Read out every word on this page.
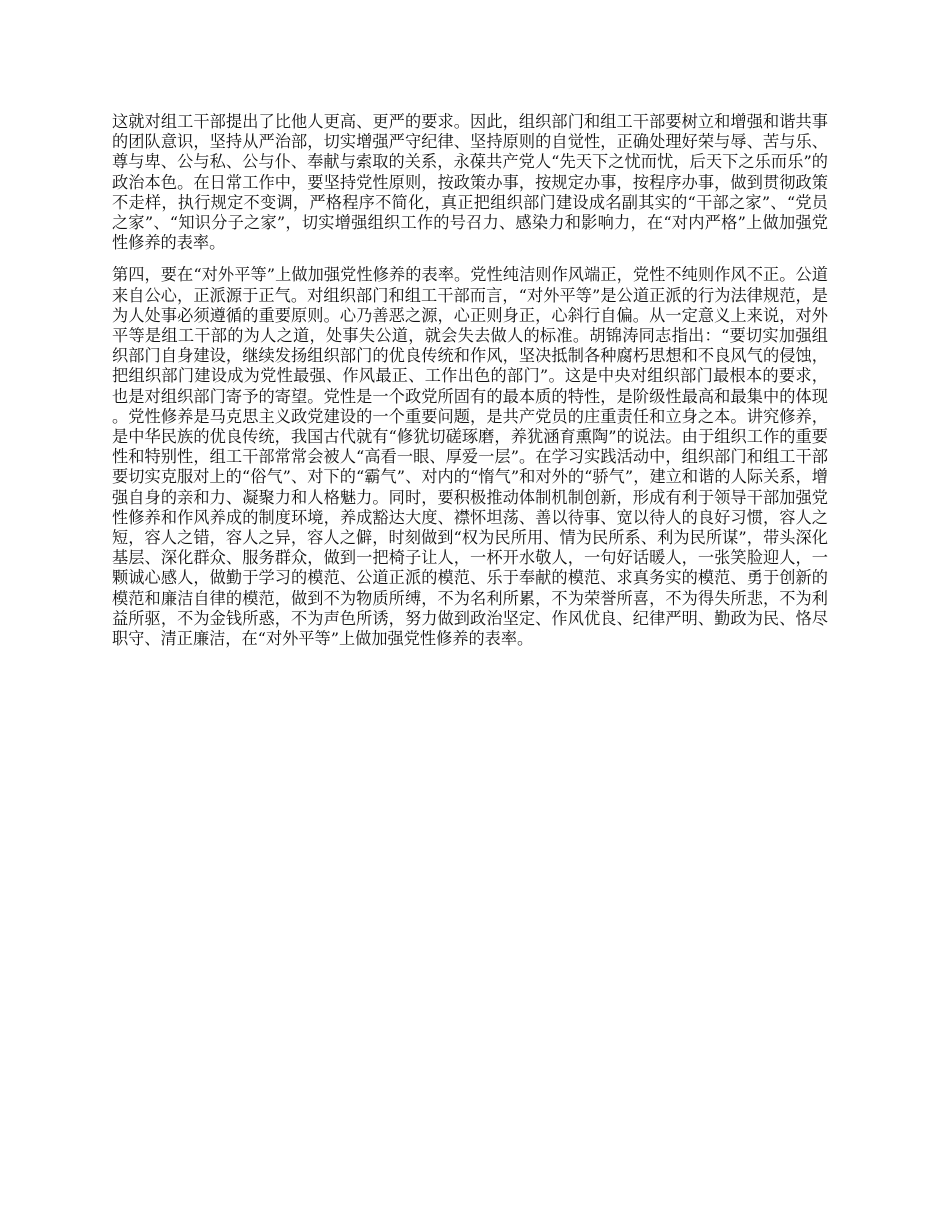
这就对组工干部提出了比他人更高、更严的要求。因此，组织部门和组工干部要树立和增强和谐共事的团队意识，坚持从严治部，切实增强严守纪律、坚持原则的自觉性，正确处理好荣与辱、苦与乐、尊与卑、公与私、公与仆、奉献与索取的关系，永葆共产党人“先天下之忧而忧，后天下之乐而乐”的政治本色。在日常工作中，要坚持党性原则，按政策办事，按规定办事，按程序办事，做到贯彻政策不走样，执行规定不变调，严格程序不简化，真正把组织部门建设成名副其实的“干部之家”、“党员之家”、“知识分子之家”，切实增强组织工作的号召力、感染力和影响力，在“对内严格”上做加强党性修养的表率。

第四，要在“对外平等”上做加强党性修养的表率。党性纯洁则作风端正，党性不纯则作风不正。公道来自公心，正派源于正气。对组织部门和组工干部而言，“对外平等”是公道正派的行为法律规范，是为人处事必须遵循的重要原则。心乃善恶之源，心正则身正，心斜行自偏。从一定意义上来说，对外平等是组工干部的为人之道，处事失公道，就会失去做人的标准。胡锦涛同志指出：“要切实加强组织部门自身建设，继续发扬组织部门的优良传统和作风，坚决抵制各种腐朽思想和不良风气的侵蚀，把组织部门建设成为党性最强、作风最正、工作出色的部门”。这是中央对组织部门最根本的要求，也是对组织部门寄予的寄望。党性是一个政党所固有的最本质的特性，是阶级性最高和最集中的体现。党性修养是马克思主义政党建设的一个重要问题，是共产党员的庄重责任和立身之本。讲究修养，是中华民族的优良传统，我国古代就有“修犹切磋琢磨，养犹涵育熏陶”的说法。由于组织工作的重要性和特别性，组工干部常常会被人“高看一眼、厚爱一层”。在学习实践活动中，组织部门和组工干部要切实克服对上的“俗气”、对下的“霸气”、对内的“惰气”和对外的“骄气”，建立和谐的人际关系，增强自身的亲和力、凝聚力和人格魅力。同时，要积极推动体制机制创新，形成有利于领导干部加强党性修养和作风养成的制度环境，养成豁达大度、襟怀坦荡、善以待事、宽以待人的良好习惯，容人之短，容人之错，容人之异，容人之僻，时刻做到“权为民所用、情为民所系、利为民所谋”，带头深化基层、深化群众、服务群众，做到一把椅子让人，一杯开水敬人，一句好话暖人，一张笑脸迎人，一颗诚心感人，做勤于学习的模范、公道正派的模范、乐于奉献的模范、求真务实的模范、勇于创新的模范和廉洁自律的模范，做到不为物质所缚，不为名利所累，不为荣誉所喜，不为得失所悲，不为利益所驱，不为金钱所惑，不为声色所诱，努力做到政治坚定、作风优良、纪律严明、勤政为民、恪尽职守、清正廉洁，在“对外平等”上做加强党性修养的表率。
